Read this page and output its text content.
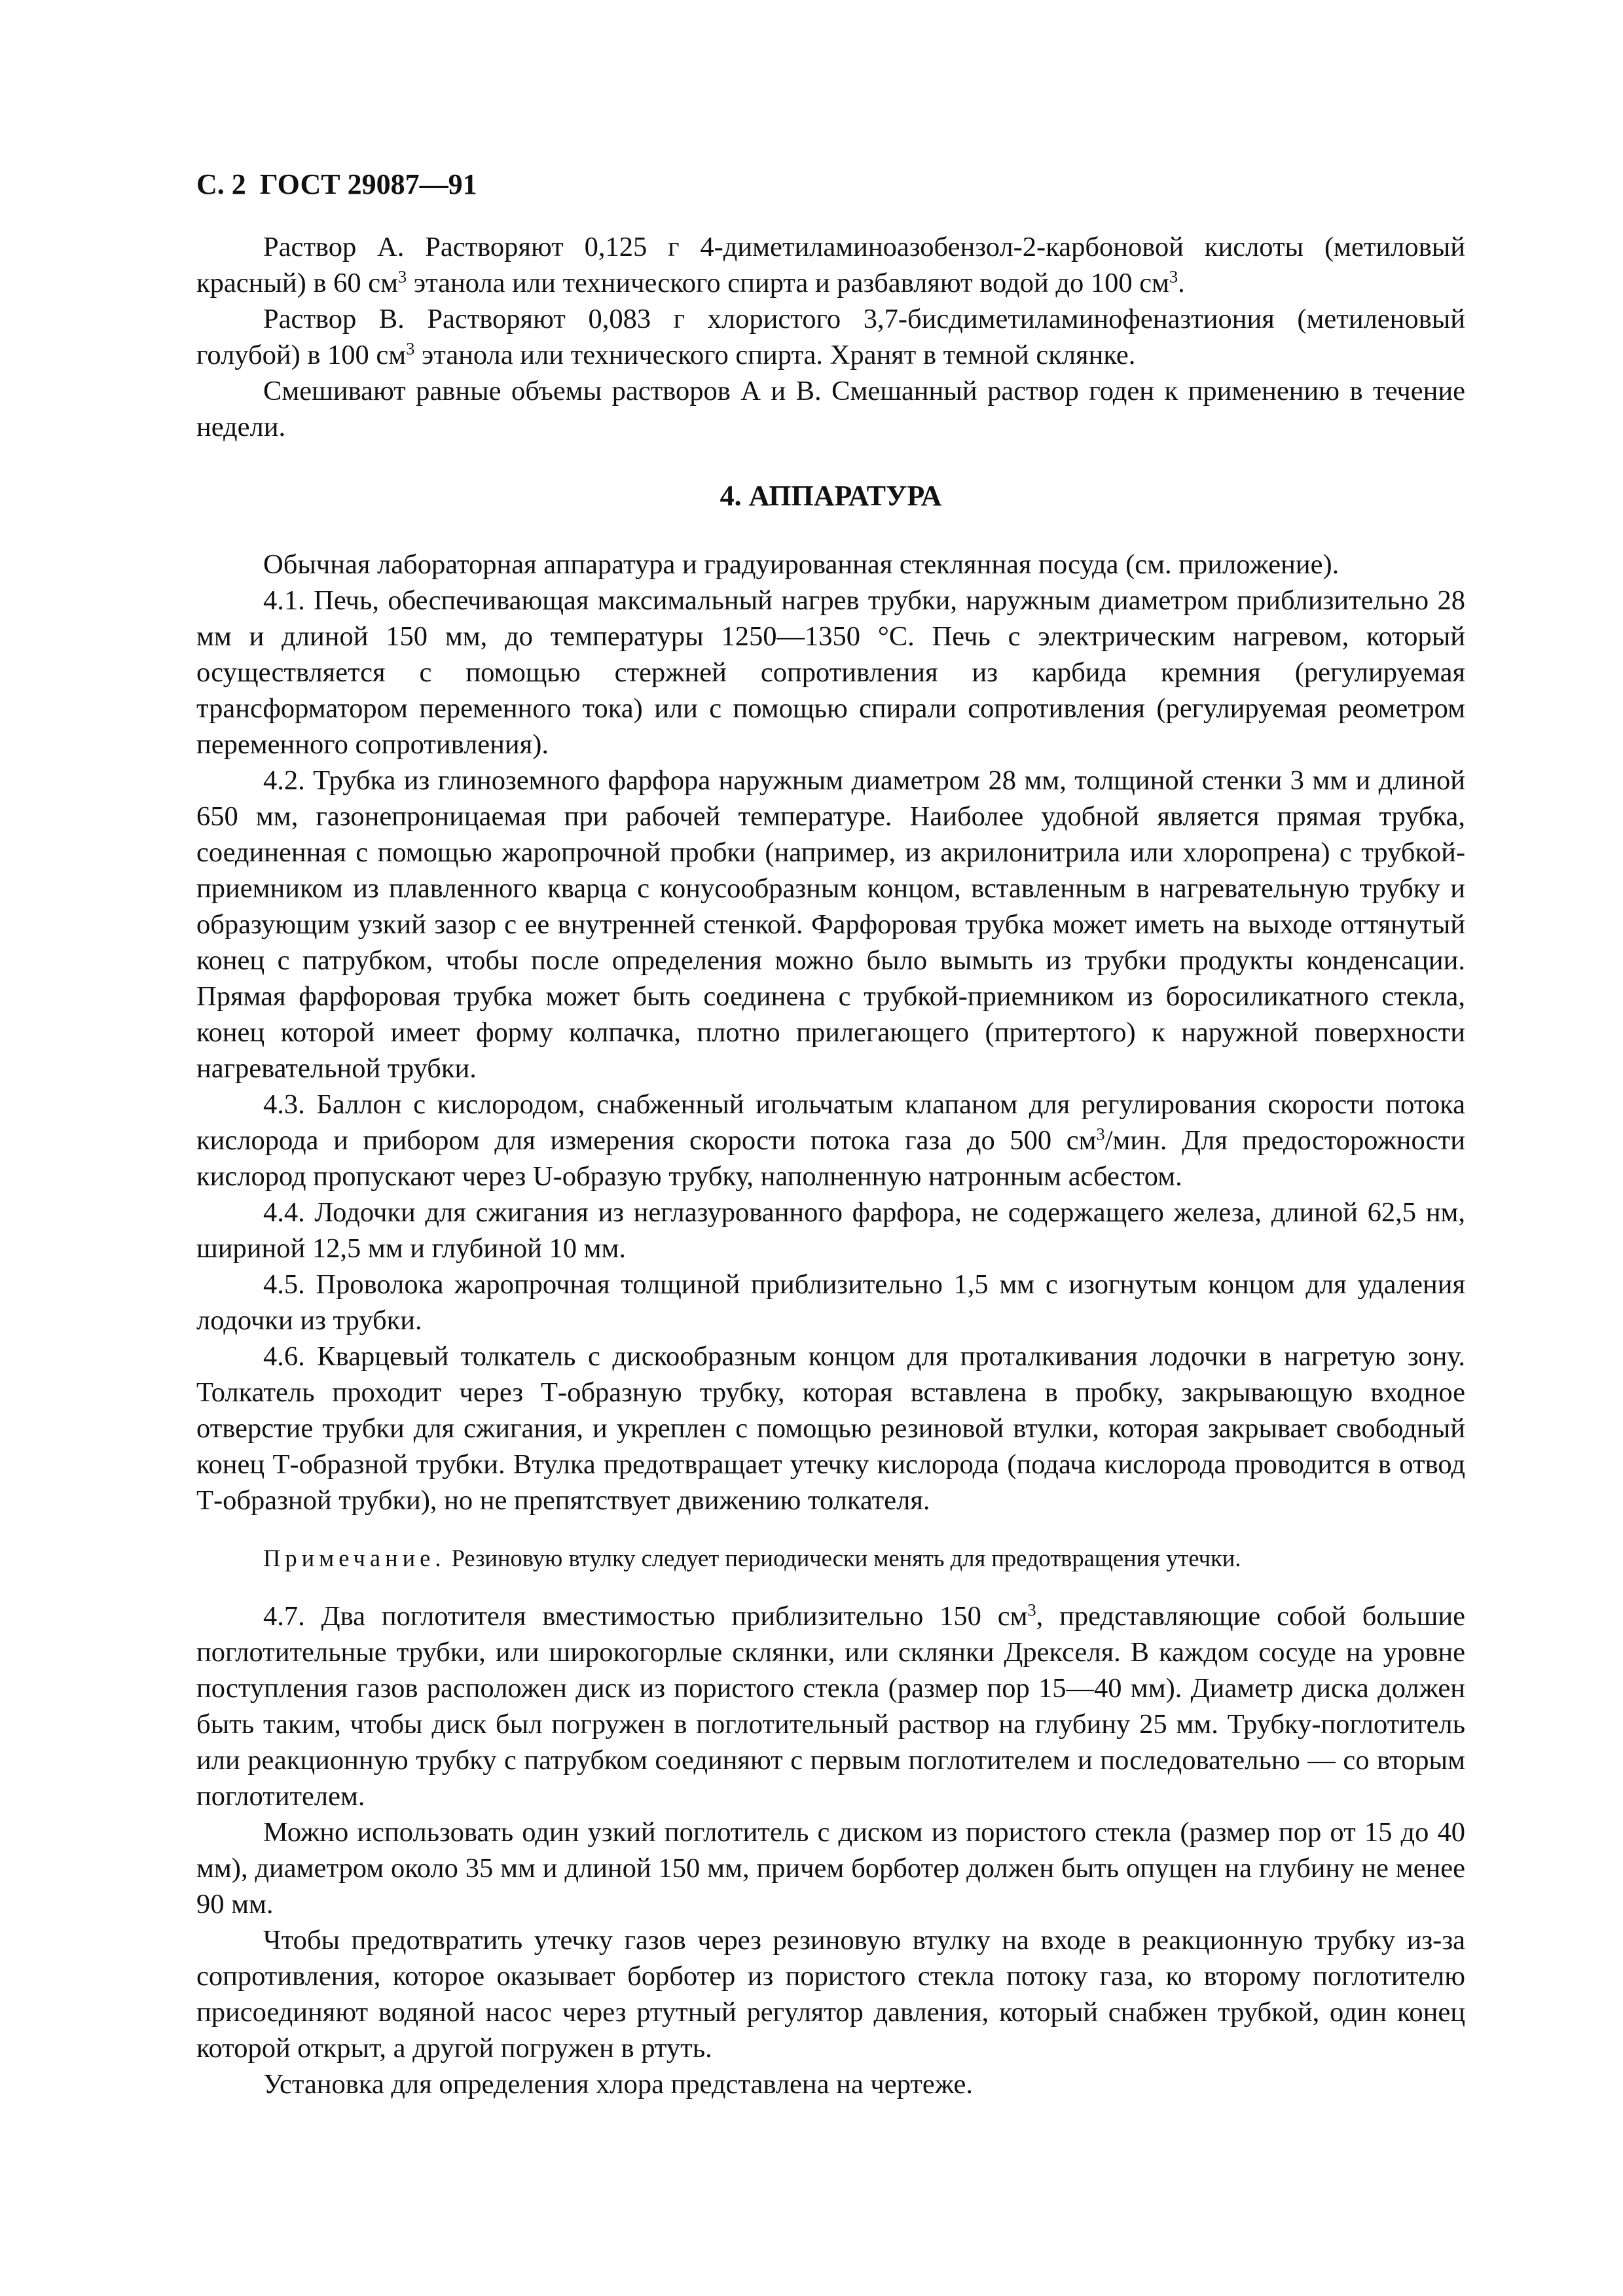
С. 2 ГОСТ 29087—91

Раствор А. Растворяют 0,125 г 4-диметиламиноазобензол-2-карбоновой кислоты (метиловый красный) в 60 $см^3$ этанола или технического спирта и разбавляют водой до 100 $см^3$.

Раствор В. Растворяют 0,083 г хлористого 3,7-бисдиметиламинофеназтиония (метиленовый голубой) в 100 $см^3$ этанола или технического спирта. Хранят в темной склянке.

Смешивают равные объемы растворов А и В. Смешанный раствор годен к применению в течение недели.

4. АППАРАТУРА

Обычная лабораторная аппаратура и градуированная стеклянная посуда (см. приложение).

4.1. Печь, обеспечивающая максимальный нагрев трубки, наружным диаметром приблизительно 28 мм и длиной 150 мм, до температуры 1250—1350 °С. Печь с электрическим нагревом, который осуществляется с помощью стержней сопротивления из карбида кремния (регулируемая трансформатором переменного тока) или с помощью спирали сопротивления (регулируемая реометром переменного сопротивления).

4.2. Трубка из глиноземного фарфора наружным диаметром 28 мм, толщиной стенки 3 мм и длиной 650 мм, газонепроницаемая при рабочей температуре. Наиболее удобной является прямая трубка, соединенная с помощью жаропрочной пробки (например, из акрилонитрила или хлоропрена) с трубкой-приемником из плавленного кварца с конусообразным концом, вставленным в нагревательную трубку и образующим узкий зазор с ее внутренней стенкой. Фарфоровая трубка может иметь на выходе оттянутый конец с патрубком, чтобы после определения можно было вымыть из трубки продукты конденсации. Прямая фарфоровая трубка может быть соединена с трубкой-приемником из боросиликатного стекла, конец которой имеет форму колпачка, плотно прилегающего (притертого) к наружной поверхности нагревательной трубки.

4.3. Баллон с кислородом, снабженный игольчатым клапаном для регулирования скорости потока кислорода и прибором для измерения скорости потока газа до 500 $см^3$/мин. Для предосторожности кислород пропускают через U-образую трубку, наполненную натронным асбестом.

4.4. Лодочки для сжигания из неглазурованного фарфора, не содержащего железа, длиной 62,5 нм, шириной 12,5 мм и глубиной 10 мм.

4.5. Проволока жаропрочная толщиной приблизительно 1,5 мм с изогнутым концом для удаления лодочки из трубки.

4.6. Кварцевый толкатель с дискообразным концом для проталкивания лодочки в нагретую зону. Толкатель проходит через Т-образную трубку, которая вставлена в пробку, закрывающую входное отверстие трубки для сжигания, и укреплен с помощью резиновой втулки, которая закрывает свободный конец Т-образной трубки. Втулка предотвращает утечку кислорода (подача кислорода проводится в отвод Т-образной трубки), но не препятствует движению толкателя.

Примечание. Резиновую втулку следует периодически менять для предотвращения утечки.

4.7. Два поглотителя вместимостью приблизительно 150 $см^3$, представляющие собой большие поглотительные трубки, или широкогорлые склянки, или склянки Дрекселя. В каждом сосуде на уровне поступления газов расположен диск из пористого стекла (размер пор 15—40 мм). Диаметр диска должен быть таким, чтобы диск был погружен в поглотительный раствор на глубину 25 мм. Трубку-поглотитель или реакционную трубку с патрубком соединяют с первым поглотителем и последовательно — со вторым поглотителем.

Можно использовать один узкий поглотитель с диском из пористого стекла (размер пор от 15 до 40 мм), диаметром около 35 мм и длиной 150 мм, причем борботер должен быть опущен на глубину не менее 90 мм.

Чтобы предотвратить утечку газов через резиновую втулку на входе в реакционную трубку из-за сопротивления, которое оказывает борботер из пористого стекла потоку газа, ко второму поглотителю присоединяют водяной насос через ртутный регулятор давления, который снабжен трубкой, один конец которой открыт, а другой погружен в ртуть.

Установка для определения хлора представлена на чертеже.
